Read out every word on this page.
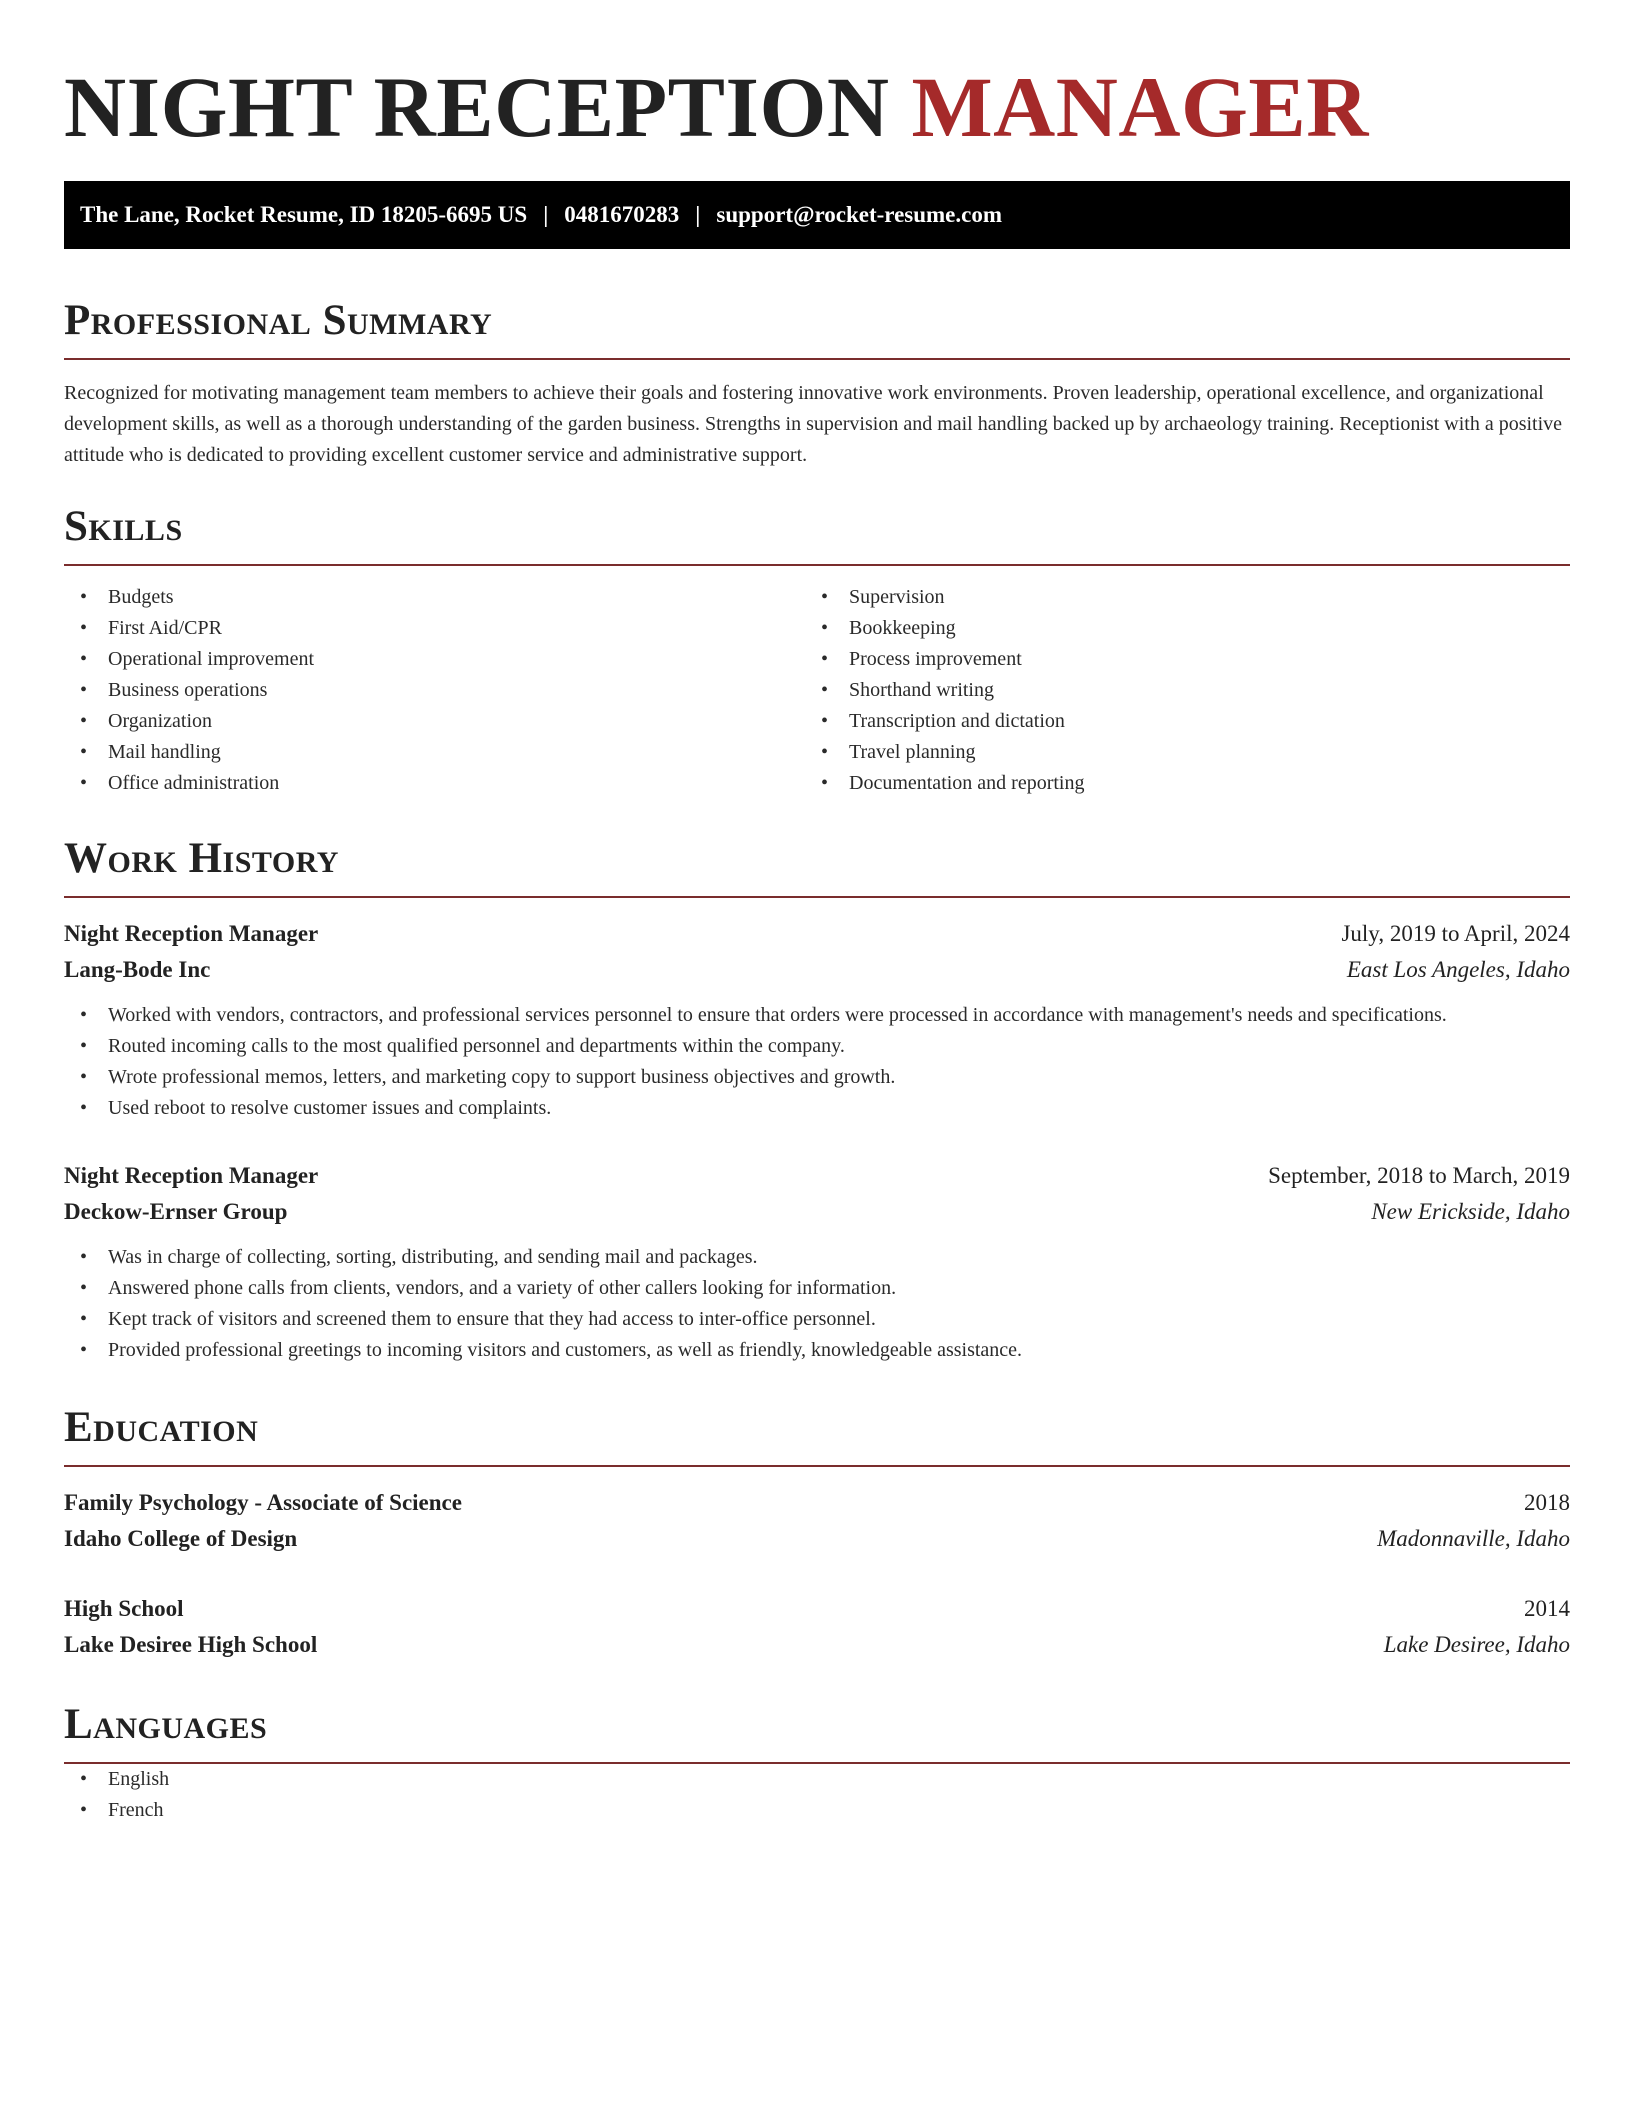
NIGHT RECEPTION MANAGER
The Lane, Rocket Resume, ID 18205-6695 US | 0481670283 | support@rocket-resume.com
Professional Summary

Recognized for motivating management team members to achieve their goals and fostering innovative work environments. Proven leadership, operational excellence, and organizational development skills, as well as a thorough understanding of the garden business. Strengths in supervision and mail handling backed up by archaeology training. Receptionist with a positive attitude who is dedicated to providing excellent customer service and administrative support.

Skills
• Budgets
• First Aid/CPR
• Operational improvement
• Business operations
• Organization
• Mail handling
• Office administration
• Supervision
• Bookkeeping
• Process improvement
• Shorthand writing
• Transcription and dictation
• Travel planning
• Documentation and reporting
Work History
Night Reception Manager	July, 2019 to April, 2024
Lang-Bode Inc	East Los Angeles, Idaho
• Worked with vendors, contractors, and professional services personnel to ensure that orders were processed in accordance with management's needs and specifications.
• Routed incoming calls to the most qualified personnel and departments within the company.
• Wrote professional memos, letters, and marketing copy to support business objectives and growth.
• Used reboot to resolve customer issues and complaints.
Night Reception Manager	September, 2018 to March, 2019
Deckow-Ernser Group	New Erickside, Idaho
• Was in charge of collecting, sorting, distributing, and sending mail and packages.
• Answered phone calls from clients, vendors, and a variety of other callers looking for information.
• Kept track of visitors and screened them to ensure that they had access to inter-office personnel.
• Provided professional greetings to incoming visitors and customers, as well as friendly, knowledgeable assistance.
Education
Family Psychology - Associate of Science	2018
Idaho College of Design	Madonnaville, Idaho
High School	2014
Lake Desiree High School	Lake Desiree, Idaho
Languages
• English
• French
